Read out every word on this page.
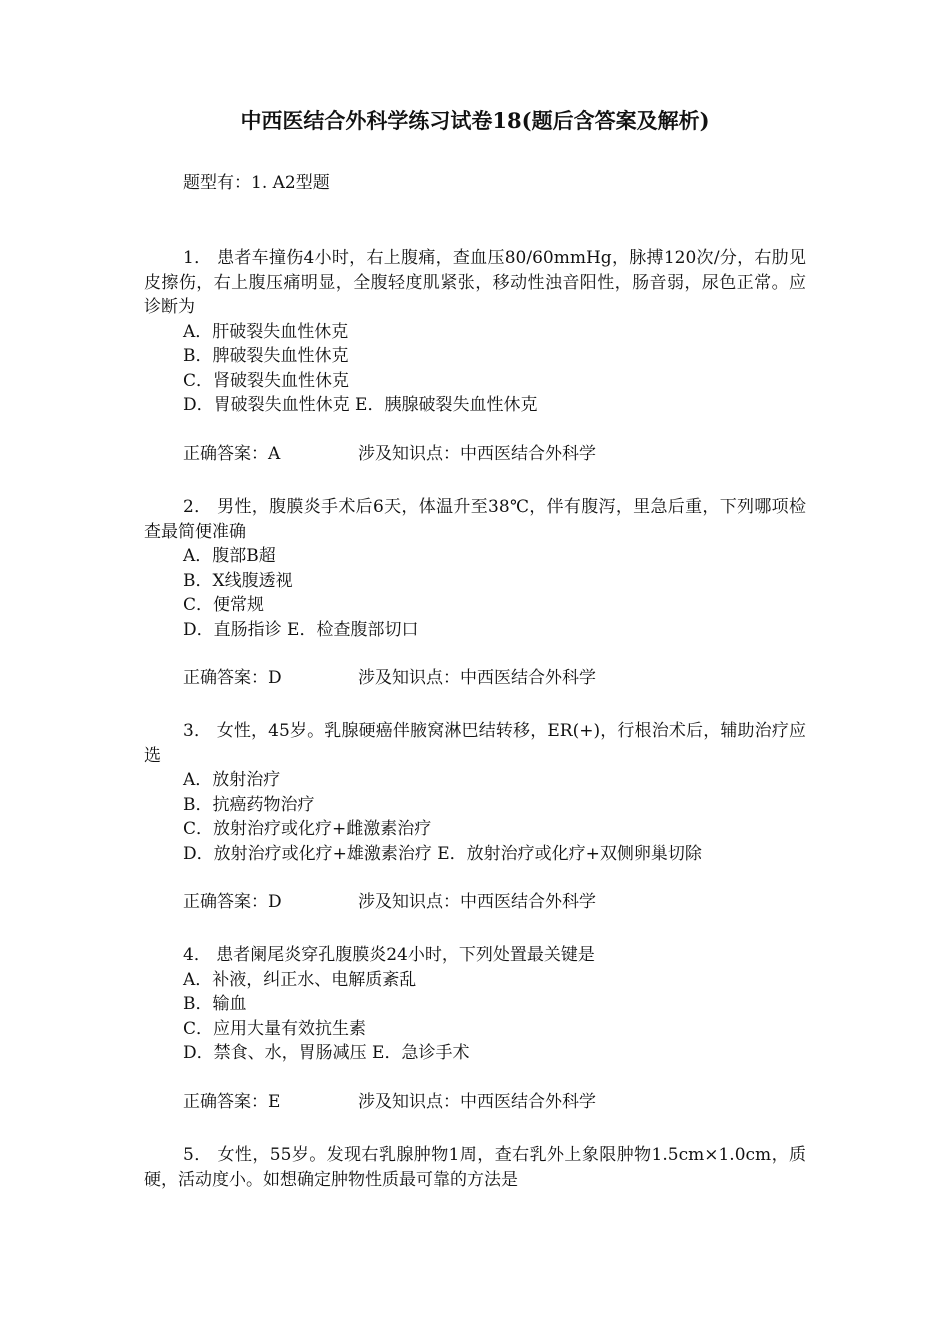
中西医结合外科学练习试卷18(题后含答案及解析)
题型有：1. A2型题

1． 患者车撞伤4小时，右上腹痛，查血压80/60mmHg，脉搏120次/分，右肋见皮擦伤，右上腹压痛明显，全腹轻度肌紧张，移动性浊音阳性，肠音弱，尿色正常。应诊断为

A．肝破裂失血性休克

B．脾破裂失血性休克

C．肾破裂失血性休克

D．胃破裂失血性休克 E．胰腺破裂失血性休克

正确答案：A	涉及知识点：中西医结合外科学

2． 男性，腹膜炎手术后6天，体温升至38℃，伴有腹泻，里急后重，下列哪项检查最简便准确

A．腹部B超

B．X线腹透视

C．便常规

D．直肠指诊 E．检查腹部切口

正确答案：D	涉及知识点：中西医结合外科学

3． 女性，45岁。乳腺硬癌伴腋窝淋巴结转移，ER(+)，行根治术后，辅助治疗应选

A．放射治疗

B．抗癌药物治疗

C．放射治疗或化疗+雌激素治疗

D．放射治疗或化疗+雄激素治疗 E．放射治疗或化疗+双侧卵巢切除

正确答案：D	涉及知识点：中西医结合外科学

4． 患者阑尾炎穿孔腹膜炎24小时，下列处置最关键是

A．补液，纠正水、电解质紊乱

B．输血

C．应用大量有效抗生素

D．禁食、水，胃肠减压 E．急诊手术

正确答案：E	涉及知识点：中西医结合外科学

5． 女性，55岁。发现右乳腺肿物1周，查右乳外上象限肿物1.5cm×1.0cm，质硬，活动度小。如想确定肿物性质最可靠的方法是
